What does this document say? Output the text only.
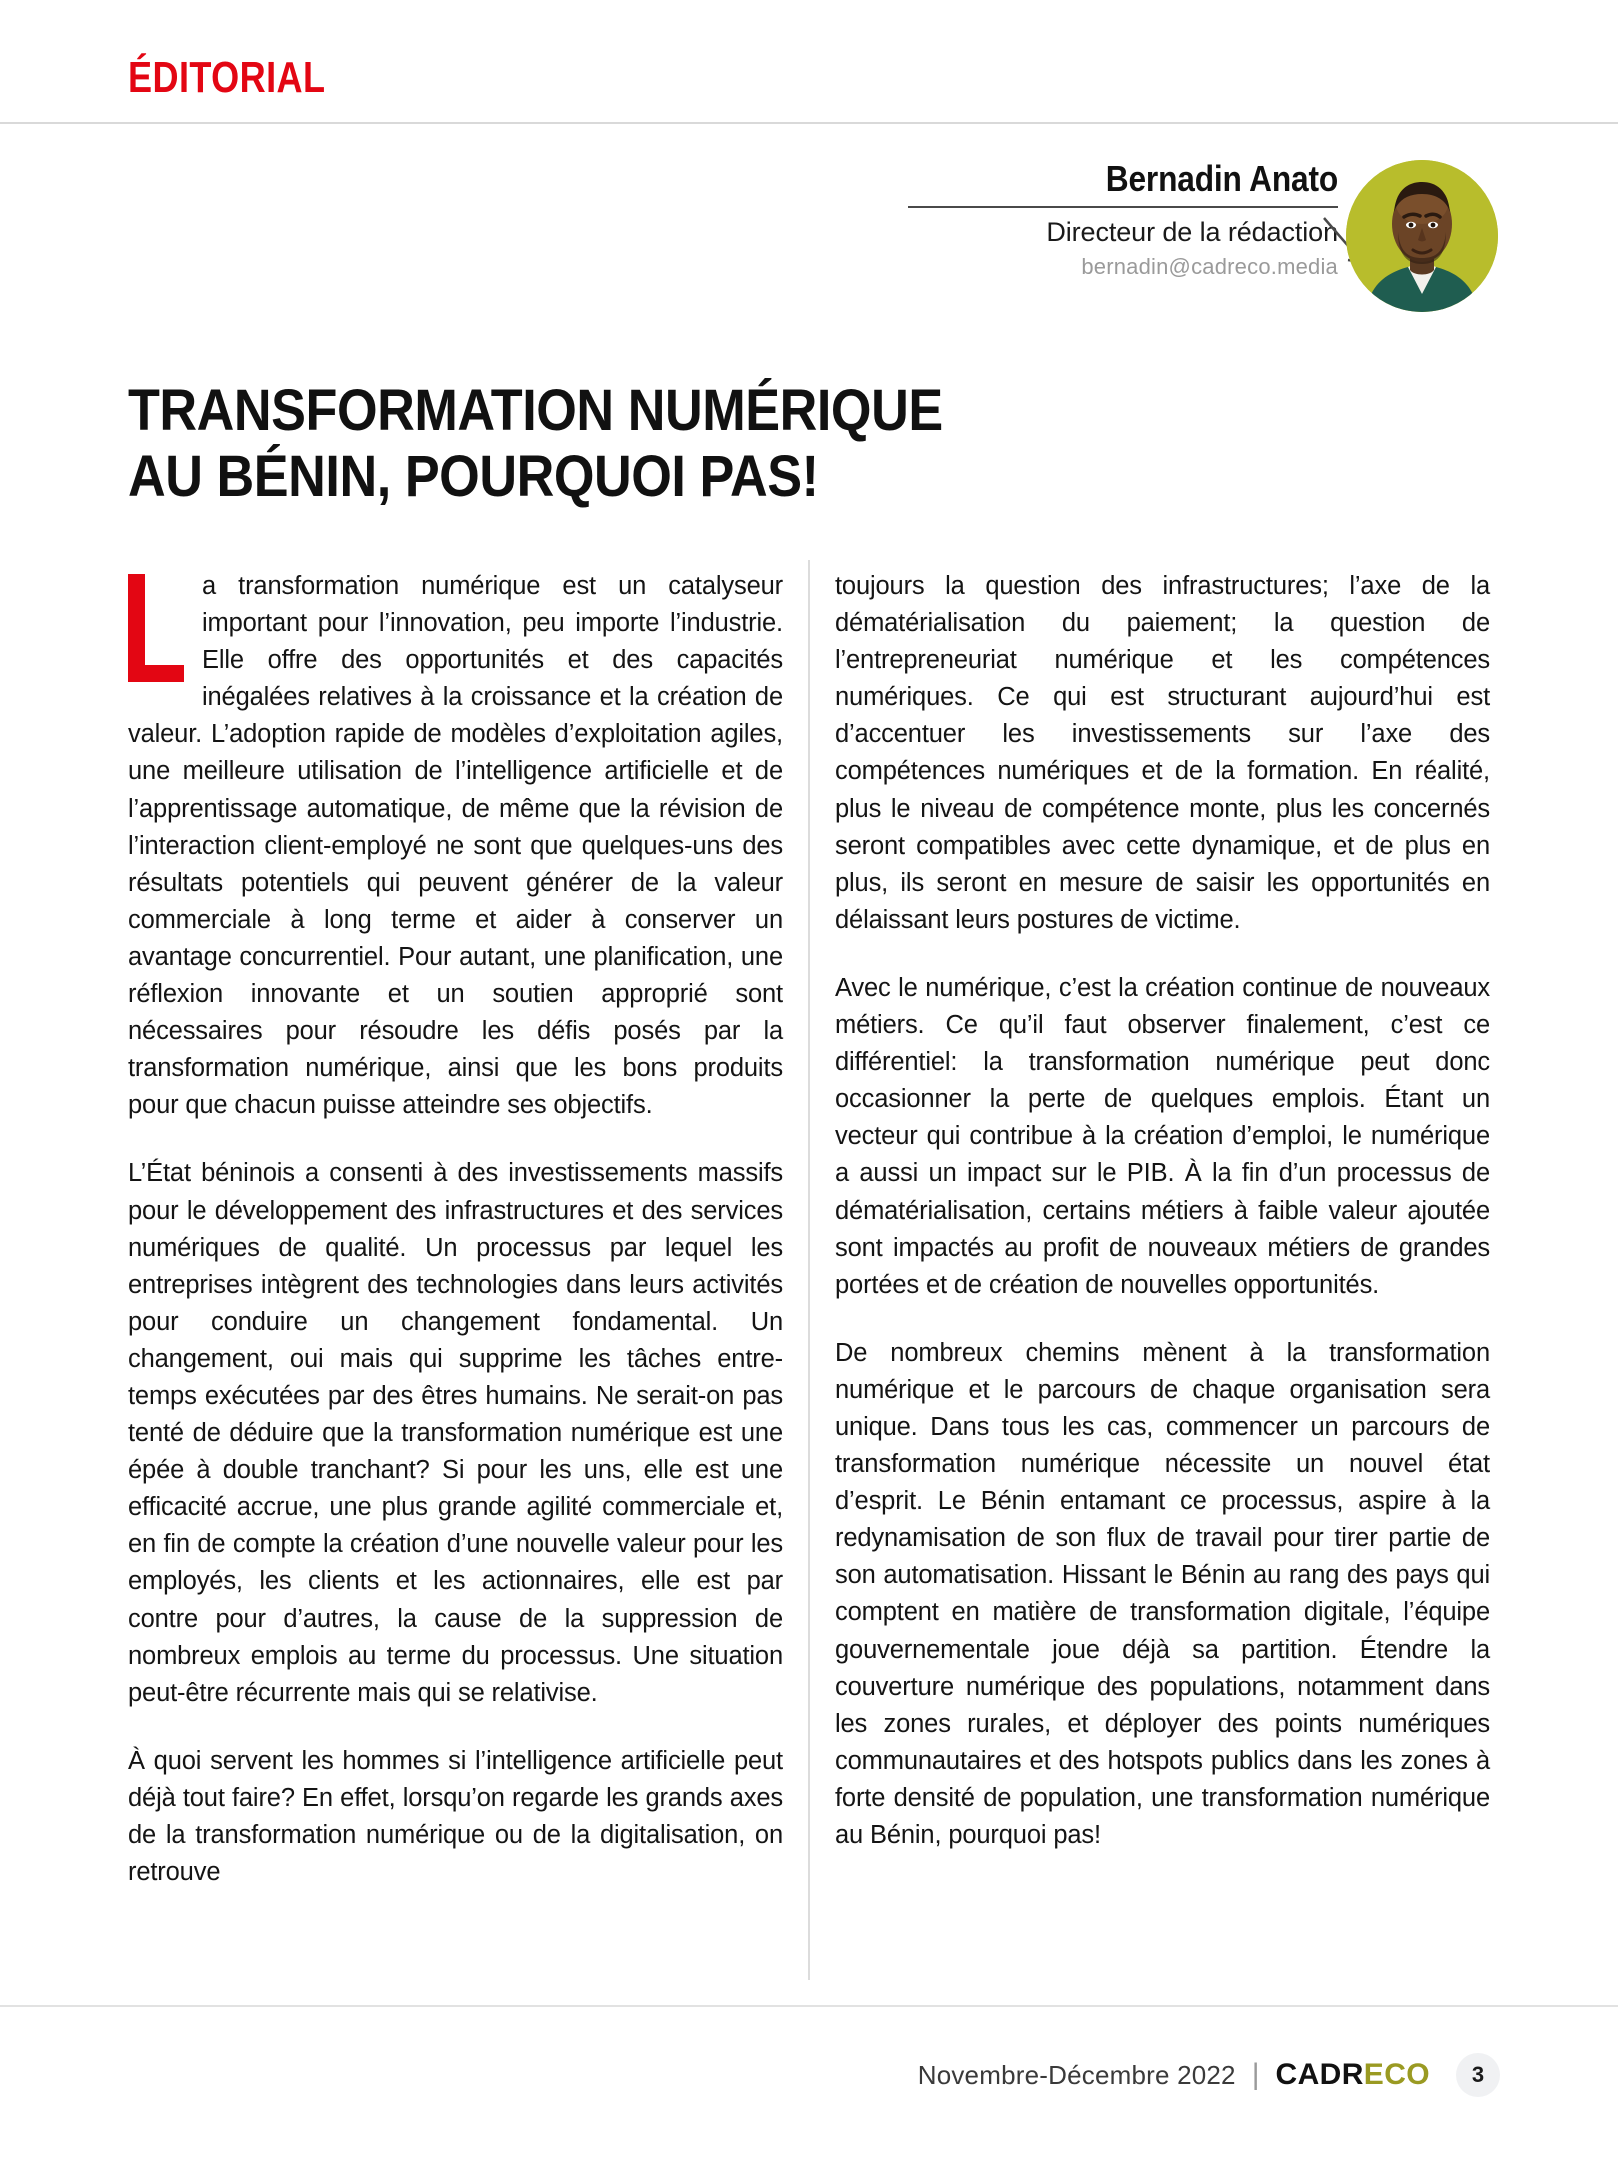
ÉDITORIAL
Bernadin Anato
Directeur de la rédaction
bernadin@cadreco.media
TRANSFORMATION NUMÉRIQUE
AU BÉNIN, POURQUOI PAS!

a transformation numérique est un catalyseur important pour l’innovation, peu importe l’industrie. Elle offre des opportunités et des capacités inégalées relatives à la croissance et la création de valeur. L’adoption rapide de modèles d’exploitation agiles, une meilleure utilisation de l’intelligence artificielle et de l’apprentissage automatique, de même que la révision de l’interaction client-employé ne sont que quelques-uns des résultats potentiels qui peuvent générer de la valeur commerciale à long terme et aider à conserver un avantage concurrentiel. Pour autant, une planification, une réflexion innovante et un soutien approprié sont nécessaires pour résoudre les défis posés par la transformation numérique, ainsi que les bons produits pour que chacun puisse atteindre ses objectifs.

L’État béninois a consenti à des investissements massifs pour le développement des infrastructures et des services numériques de qualité. Un processus par lequel les entreprises intègrent des technologies dans leurs activités pour conduire un changement fondamental. Un changement, oui mais qui supprime les tâches entre-temps exécutées par des êtres humains. Ne serait-on pas tenté de déduire que la transformation numérique est une épée à double tranchant? Si pour les uns, elle est une efficacité accrue, une plus grande agilité commerciale et, en fin de compte la création d’une nouvelle valeur pour les employés, les clients et les actionnaires, elle est par contre pour d’autres, la cause de la suppression de nombreux emplois au terme du processus. Une situation peut-être récurrente mais qui se relativise.

À quoi servent les hommes si l’intelligence artificielle peut déjà tout faire? En effet, lorsqu’on regarde les grands axes de la transformation numérique ou de la digitalisation, on retrouve

toujours la question des infrastructures; l’axe de la dématérialisation du paiement; la question de l’entrepreneuriat numérique et les compétences numériques. Ce qui est structurant aujourd’hui est d’accentuer les investissements sur l’axe des compétences numériques et de la formation. En réalité, plus le niveau de compétence monte, plus les concernés seront compatibles avec cette dynamique, et de plus en plus, ils seront en mesure de saisir les opportunités en délaissant leurs postures de victime.

Avec le numérique, c’est la création continue de nouveaux métiers. Ce qu’il faut observer finalement, c’est ce différentiel: la transformation numérique peut donc occasionner la perte de quelques emplois. Étant un vecteur qui contribue à la création d’emploi, le numérique a aussi un impact sur le PIB. À la fin d’un processus de dématérialisation, certains métiers à faible valeur ajoutée sont impactés au profit de nouveaux métiers de grandes portées et de création de nouvelles opportunités.

De nombreux chemins mènent à la transformation numérique et le parcours de chaque organisation sera unique. Dans tous les cas, commencer un parcours de transformation numérique nécessite un nouvel état d’esprit. Le Bénin entamant ce processus, aspire à la redynamisation de son flux de travail pour tirer partie de son automatisation. Hissant le Bénin au rang des pays qui comptent en matière de transformation digitale, l’équipe gouvernementale joue déjà sa partition. Étendre la couverture numérique des populations, notamment dans les zones rurales, et déployer des points numériques communautaires et des hotspots publics dans les zones à forte densité de population, une transformation numérique au Bénin, pourquoi pas!

Novembre-Décembre 2022 | CADRECO	3
